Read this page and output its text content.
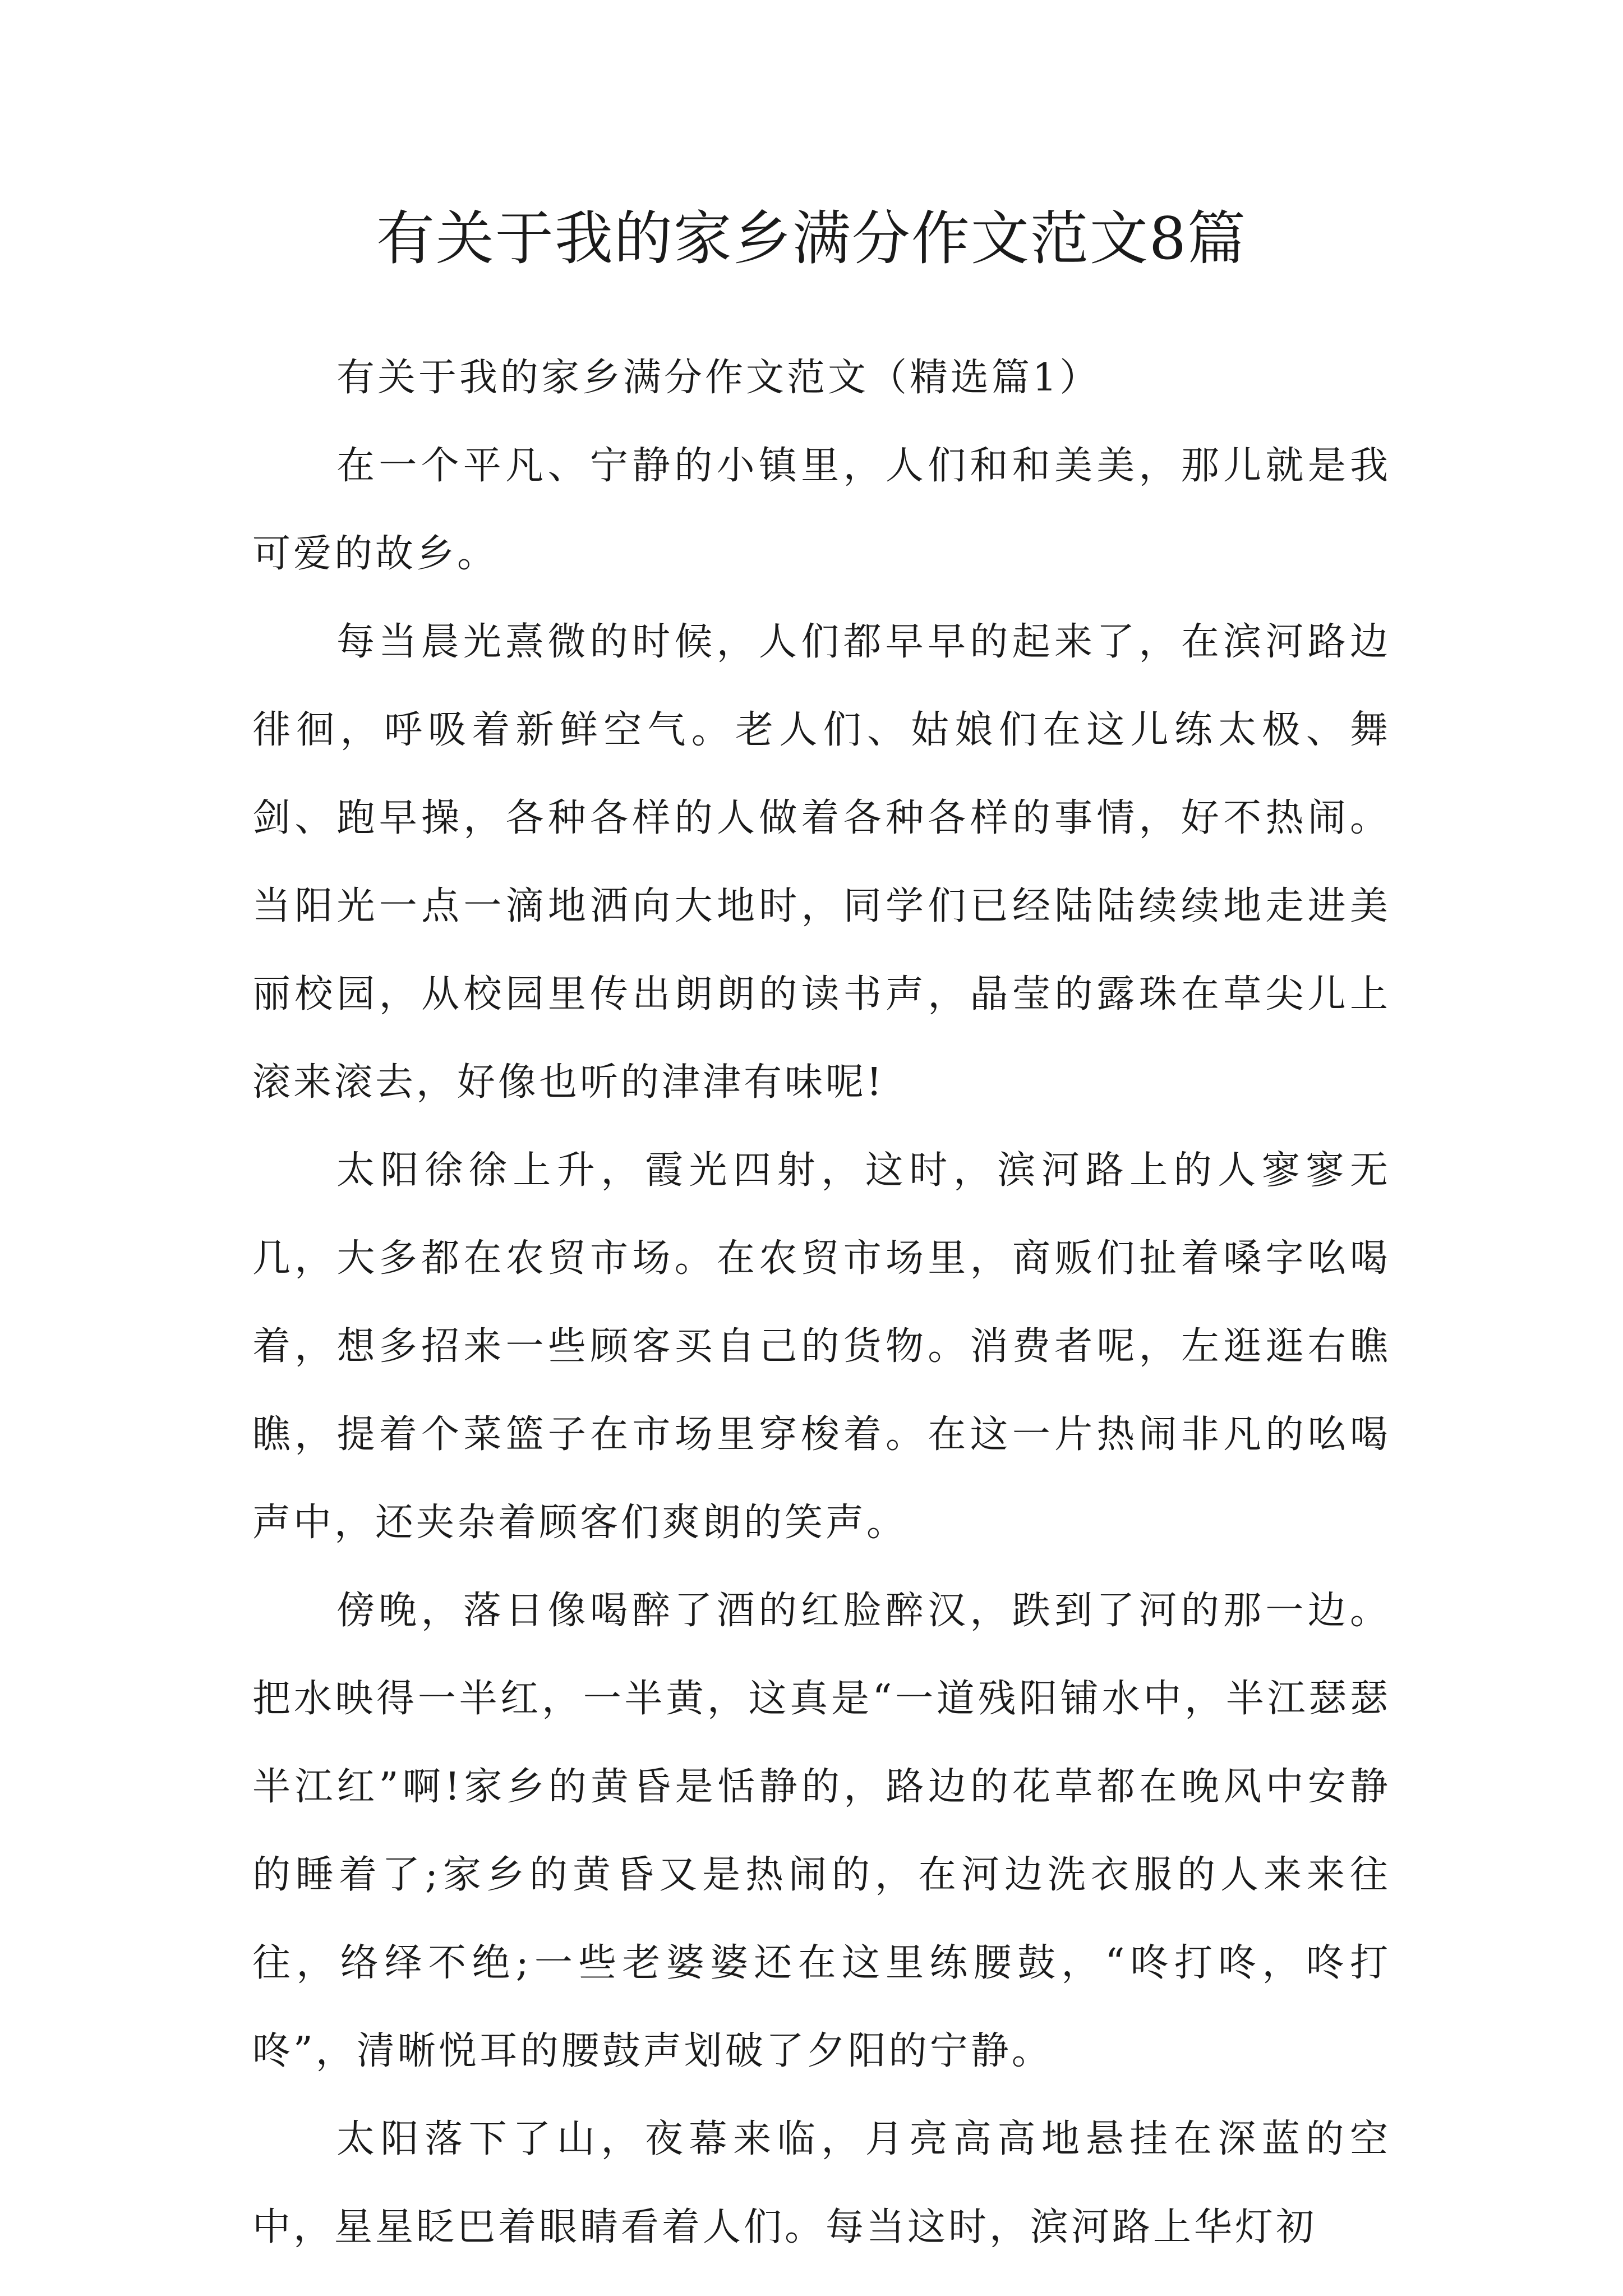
有关于我的家乡满分作文范文8篇

有关于我的家乡满分作文范文（精选篇1）

在一个平凡、宁静的小镇里，人们和和美美，那儿就是我可爱的故乡。

每当晨光熹微的时候，人们都早早的起来了，在滨河路边徘徊，呼吸着新鲜空气。老人们、姑娘们在这儿练太极、舞剑、跑早操，各种各样的人做着各种各样的事情，好不热闹。当阳光一点一滴地洒向大地时，同学们已经陆陆续续地走进美丽校园，从校园里传出朗朗的读书声，晶莹的露珠在草尖儿上滚来滚去，好像也听的津津有味呢!

太阳徐徐上升，霞光四射，这时，滨河路上的人寥寥无几，大多都在农贸市场。在农贸市场里，商贩们扯着嗓字吆喝着，想多招来一些顾客买自己的货物。消费者呢，左逛逛右瞧瞧，提着个菜篮子在市场里穿梭着。在这一片热闹非凡的吆喝声中，还夹杂着顾客们爽朗的笑声。

傍晚，落日像喝醉了酒的红脸醉汉，跌到了河的那一边。把水映得一半红，一半黄，这真是“一道残阳铺水中，半江瑟瑟半江红”啊!家乡的黄昏是恬静的，路边的花草都在晚风中安静的睡着了;家乡的黄昏又是热闹的，在河边洗衣服的人来来往往，络绎不绝;一些老婆婆还在这里练腰鼓，“咚打咚，咚打咚”，清晰悦耳的腰鼓声划破了夕阳的宁静。

太阳落下了山，夜幕来临，月亮高高地悬挂在深蓝的空中，星星眨巴着眼睛看着人们。每当这时，滨河路上华灯初
